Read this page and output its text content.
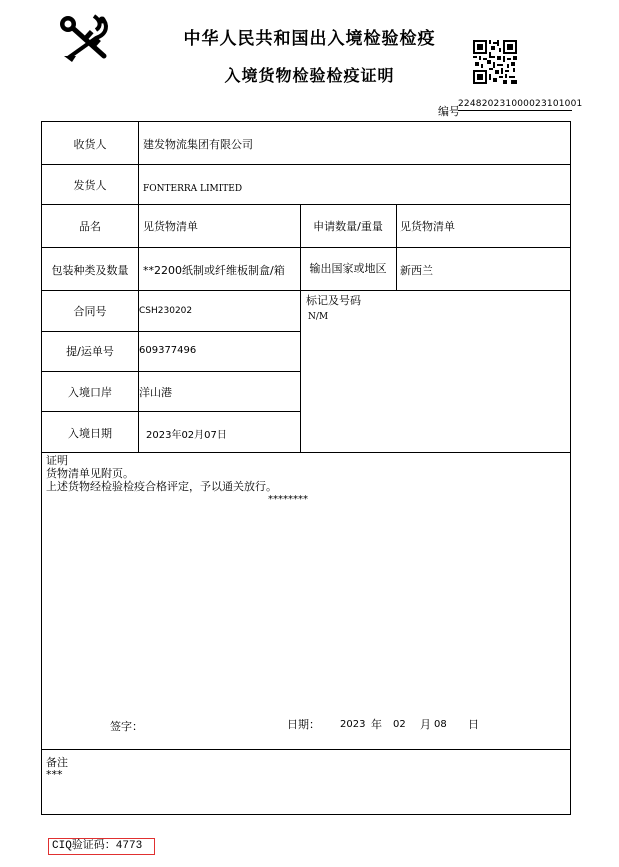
中华人民共和国出入境检验检疫
入境货物检验检疫证明
编号
224820231000023101001
收货人	建发物流集团有限公司
发货人	FONTERRA LIMITED
品名	见货物清单	申请数量/重量	见货物清单
包装种类及数量	**2200纸制或纤维板制盒/箱	输出国家或地区	新西兰
合同号	CSH230202
标记及号码
N/M
提/运单号	609377496
入境口岸	洋山港
入境日期	2023年02月07日
证明
货物清单见附页。
上述货物经检验检疫合格评定，予以通关放行。
********
签字：	日期： 2023 年 02 月 08 日
备注
***
CIQ验证码：4773
